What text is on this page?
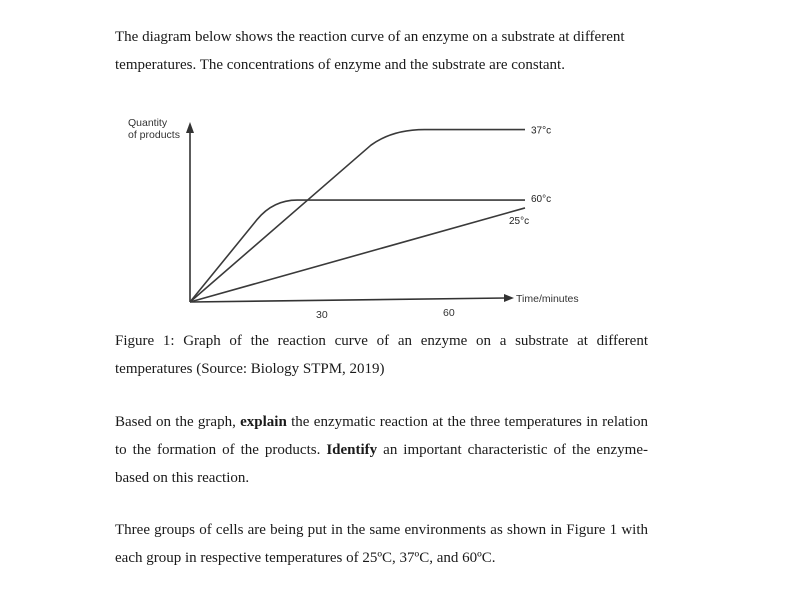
The diagram below shows the reaction curve of an enzyme on a substrate at different temperatures. The concentrations of enzyme and the substrate are constant.

Quantity
of products
Time/minutes
30	60
37°c
60°c
25°c

Figure 1: Graph of the reaction curve of an enzyme on a substrate at different temperatures (Source: Biology STPM, 2019)

Based on the graph, explain the enzymatic reaction at the three temperatures in relation to the formation of the products. Identify an important characteristic of the enzyme-based on this reaction.

Three groups of cells are being put in the same environments as shown in Figure 1 with each group in respective temperatures of 25ºC, 37ºC, and 60ºC.
